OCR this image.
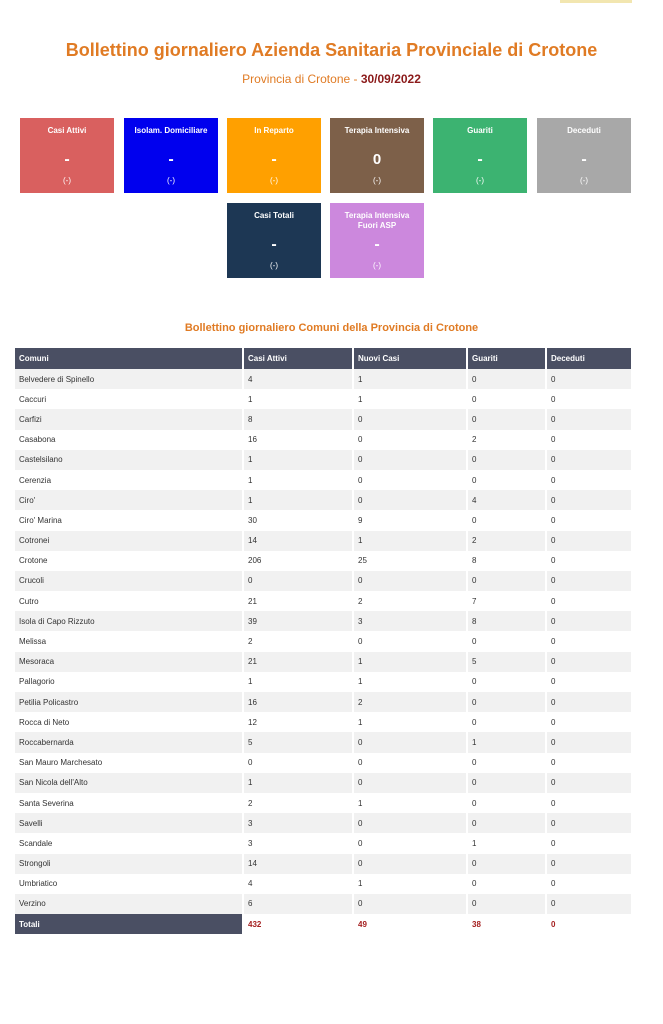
Bollettino giornaliero Azienda Sanitaria Provinciale di Crotone
Provincia di Crotone - 30/09/2022
Casi Attivi
-
(-)
Isolam. Domiciliare
-
(-)
In Reparto
-
(-)
Terapia Intensiva
0
(-)
Guariti
-
(-)
Deceduti
-
(-)
Casi Totali
-
(-)
Terapia Intensiva Fuori ASP
-
(-)
Bollettino giornaliero Comuni della Provincia di Crotone
Comuni	Casi Attivi	Nuovi Casi	Guariti	Deceduti
Belvedere di Spinello	4	1	0	0
Caccuri	1	1	0	0
Carfizi	8	0	0	0
Casabona	16	0	2	0
Castelsilano	1	0	0	0
Cerenzia	1	0	0	0
Ciro'	1	0	4	0
Ciro' Marina	30	9	0	0
Cotronei	14	1	2	0
Crotone	206	25	8	0
Crucoli	0	0	0	0
Cutro	21	2	7	0
Isola di Capo Rizzuto	39	3	8	0
Melissa	2	0	0	0
Mesoraca	21	1	5	0
Pallagorio	1	1	0	0
Petilia Policastro	16	2	0	0
Rocca di Neto	12	1	0	0
Roccabernarda	5	0	1	0
San Mauro Marchesato	0	0	0	0
San Nicola dell'Alto	1	0	0	0
Santa Severina	2	1	0	0
Savelli	3	0	0	0
Scandale	3	0	1	0
Strongoli	14	0	0	0
Umbriatico	4	1	0	0
Verzino	6	0	0	0
Totali	432	49	38	0
